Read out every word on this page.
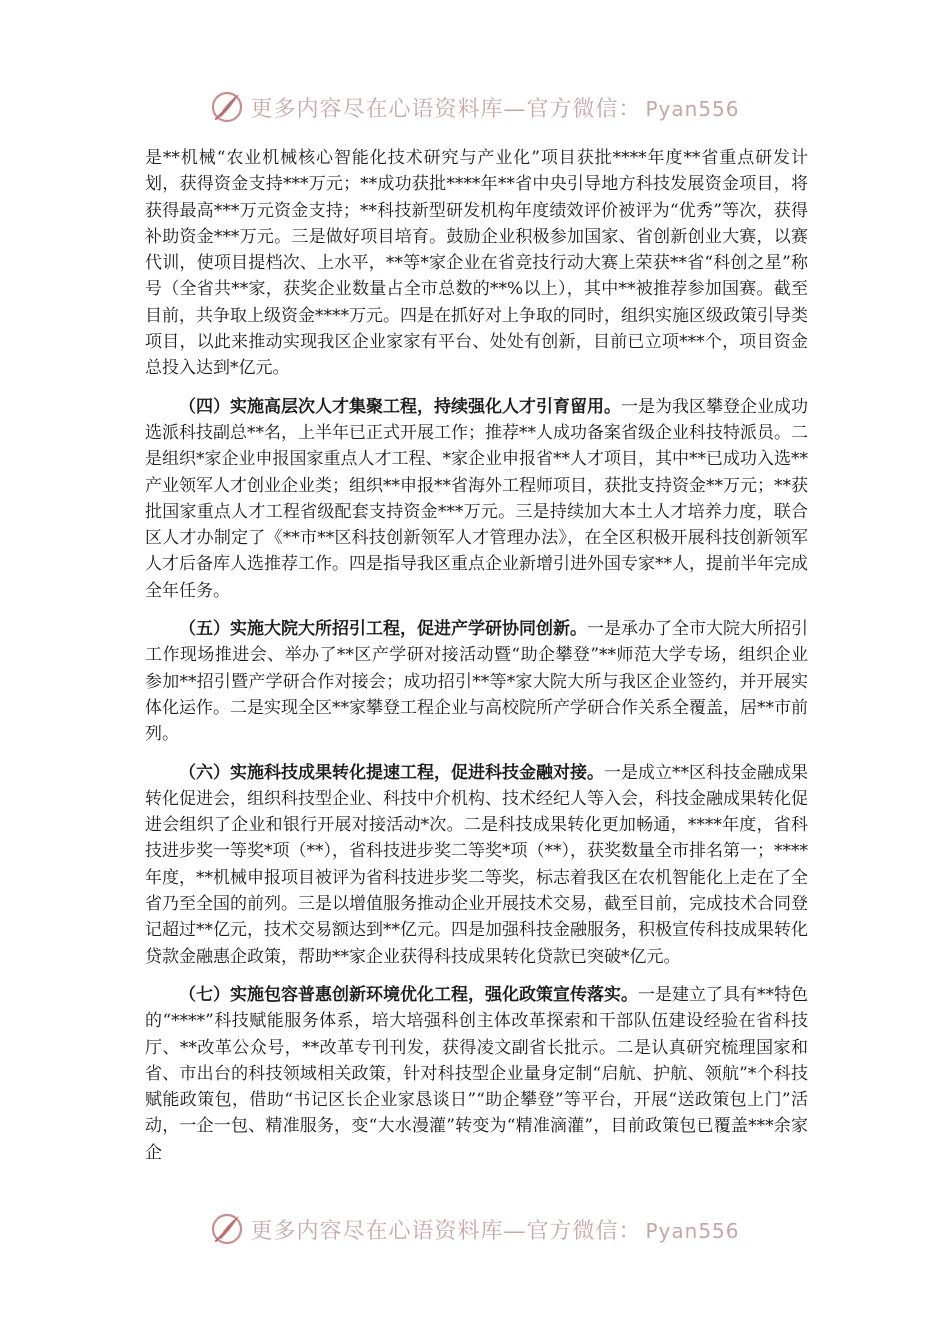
更多内容尽在心语资料库—官方微信： Pyan556

是**机械“农业机械核心智能化技术研究与产业化”项目获批****年度**省重点研发计划，获得资金支持***万元；**成功获批****年**省中央引导地方科技发展资金项目，将获得最高***万元资金支持；**科技新型研发机构年度绩效评价被评为“优秀”等次，获得补助资金***万元。三是做好项目培育。鼓励企业积极参加国家、省创新创业大赛，以赛代训，使项目提档次、上水平，**等*家企业在省竞技行动大赛上荣获**省“科创之星”称号（全省共**家，获奖企业数量占全市总数的**%以上），其中**被推荐参加国赛。截至目前，共争取上级资金****万元。四是在抓好对上争取的同时，组织实施区级政策引导类项目，以此来推动实现我区企业家家有平台、处处有创新，目前已立项***个，项目资金总投入达到*亿元。

（四）实施高层次人才集聚工程，持续强化人才引育留用。一是为我区攀登企业成功选派科技副总**名，上半年已正式开展工作；推荐**人成功备案省级企业科技特派员。二是组织*家企业申报国家重点人才工程、*家企业申报省**人才项目，其中**已成功入选**产业领军人才创业企业类；组织**申报**省海外工程师项目，获批支持资金**万元；**获批国家重点人才工程省级配套支持资金***万元。三是持续加大本土人才培养力度，联合区人才办制定了《**市**区科技创新领军人才管理办法》，在全区积极开展科技创新领军人才后备库人选推荐工作。四是指导我区重点企业新增引进外国专家**人，提前半年完成全年任务。

（五）实施大院大所招引工程，促进产学研协同创新。一是承办了全市大院大所招引工作现场推进会、举办了**区产学研对接活动暨“助企攀登”**师范大学专场，组织企业参加**招引暨产学研合作对接会；成功招引**等*家大院大所与我区企业签约，并开展实体化运作。二是实现全区**家攀登工程企业与高校院所产学研合作关系全覆盖，居**市前列。

（六）实施科技成果转化提速工程，促进科技金融对接。一是成立**区科技金融成果转化促进会，组织科技型企业、科技中介机构、技术经纪人等入会，科技金融成果转化促进会组织了企业和银行开展对接活动*次。二是科技成果转化更加畅通，****年度，省科技进步奖一等奖*项（**），省科技进步奖二等奖*项（**），获奖数量全市排名第一；****年度，**机械申报项目被评为省科技进步奖二等奖，标志着我区在农机智能化上走在了全省乃至全国的前列。三是以增值服务推动企业开展技术交易，截至目前，完成技术合同登记超过**亿元，技术交易额达到**亿元。四是加强科技金融服务，积极宣传科技成果转化贷款金融惠企政策，帮助**家企业获得科技成果转化贷款已突破*亿元。

（七）实施包容普惠创新环境优化工程，强化政策宣传落实。一是建立了具有**特色的“****”科技赋能服务体系，培大培强科创主体改革探索和干部队伍建设经验在省科技厅、**改革公众号，**改革专刊刊发，获得凌文副省长批示。二是认真研究梳理国家和省、市出台的科技领域相关政策，针对科技型企业量身定制“启航、护航、领航”*个科技赋能政策包，借助“书记区长企业家恳谈日”“助企攀登”等平台，开展“送政策包上门”活动，一企一包、精准服务，变“大水漫灌”转变为“精准滴灌”，目前政策包已覆盖***余家企

更多内容尽在心语资料库—官方微信： Pyan556
